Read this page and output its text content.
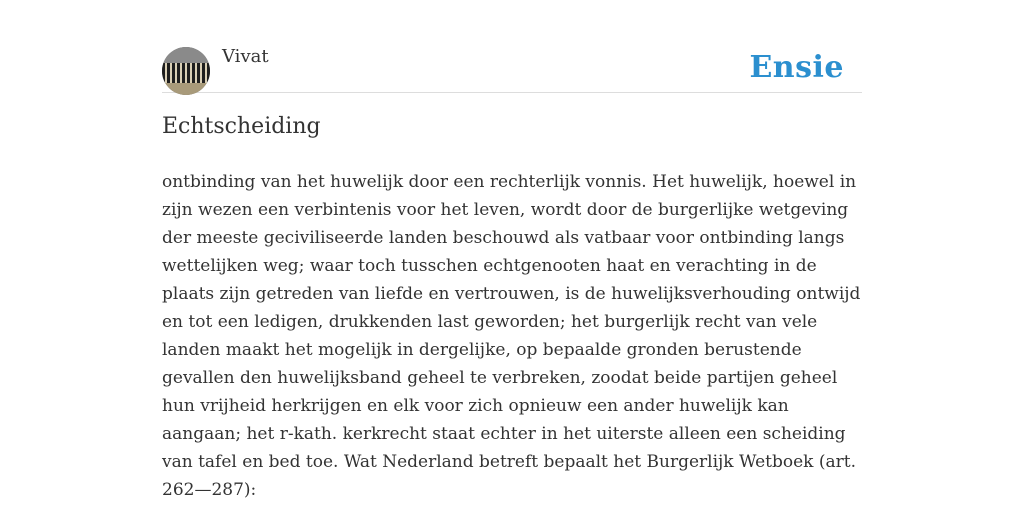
Vivat	Ensie
Echtscheiding

ontbinding van het huwelijk door een rechterlijk vonnis. Het huwelijk, hoewel in
zijn wezen een verbintenis voor het leven, wordt door de burgerlijke wetgeving
der meeste geciviliseerde landen beschouwd als vatbaar voor ontbinding langs
wettelijken weg; waar toch tusschen echtgenooten haat en verachting in de
plaats zijn getreden van liefde en vertrouwen, is de huwelijksverhouding ontwijd
en tot een ledigen, drukkenden last geworden; het burgerlijk recht van vele
landen maakt het mogelijk in dergelijke, op bepaalde gronden berustende
gevallen den huwelijksband geheel te verbreken, zoodat beide partijen geheel
hun vrijheid herkrijgen en elk voor zich opnieuw een ander huwelijk kan
aangaan; het r-kath. kerkrecht staat echter in het uiterste alleen een scheiding
van tafel en bed toe. Wat Nederland betreft bepaalt het Burgerlijk Wetboek (art.
262—287):
